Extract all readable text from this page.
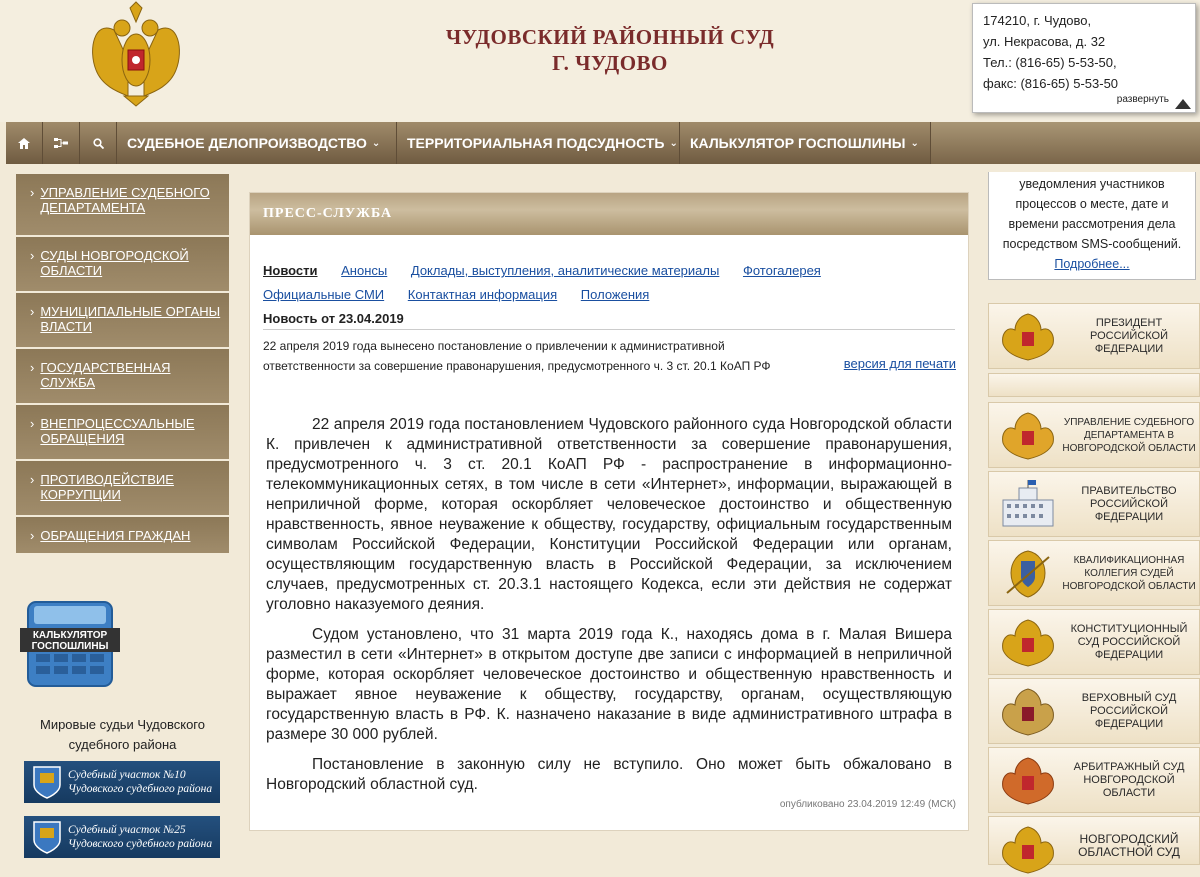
ЧУДОВСКИЙ РАЙОННЫЙ СУД
Г. ЧУДОВО
174210, г. Чудово,
ул. Некрасова, д. 32
Тел.: (816-65) 5-53-50,
факс: (816-65) 5-53-50
развернуть
СУДЕБНОЕ ДЕЛОПРОИЗВОДСТВО ⌄ ТЕРРИТОРИАЛЬНАЯ ПОДСУДНОСТЬ ⌄ КАЛЬКУЛЯТОР ГОСПОШЛИНЫ ⌄
› УПРАВЛЕНИЕ СУДЕБНОГО ДЕПАРТАМЕНТА
› СУДЫ НОВГОРОДСКОЙ ОБЛАСТИ
› МУНИЦИПАЛЬНЫЕ ОРГАНЫ ВЛАСТИ
› ГОСУДАРСТВЕННАЯ СЛУЖБА
› ВНЕПРОЦЕССУАЛЬНЫЕ ОБРАЩЕНИЯ
› ПРОТИВОДЕЙСТВИЕ КОРРУПЦИИ
› ОБРАЩЕНИЯ ГРАЖДАН
КАЛЬКУЛЯТОР
ГОСПОШЛИНЫ
Мировые судьи Чудовского
судебного района
Судебный участок №10
Чудовского судебного района
Судебный участок №25
Чудовского судебного района
ПРЕСС-СЛУЖБА
Новости Анонсы Доклады, выступления, аналитические материалы Фотогалерея
Официальные СМИ Контактная информация Положения
Новость от 23.04.2019
22 апреля 2019 года вынесено постановление о привлечении к административной ответственности за совершение правонарушения, предусмотренного ч. 3 ст. 20.1 КоАП РФ	версия для печати

22 апреля 2019 года постановлением Чудовского районного суда Новгородской области К. привлечен к административной ответственности за совершение правонарушения, предусмотренного ч. 3 ст. 20.1 КоАП РФ - распространение в информационно-телекоммуникационных сетях, в том числе в сети «Интернет», информации, выражающей в неприличной форме, которая оскорбляет человеческое достоинство и общественную нравственность, явное неуважение к обществу, государству, официальным государственным символам Российской Федерации, Конституции Российской Федерации или органам, осуществляющим государственную власть в Российской Федерации, за исключением случаев, предусмотренных ст. 20.3.1 настоящего Кодекса, если эти действия не содержат уголовно наказуемого деяния.

Судом установлено, что 31 марта 2019 года К., находясь дома в г. Малая Вишера разместил в сети «Интернет» в открытом доступе две записи с информацией в неприличной форме, которая оскорбляет человеческое достоинство и общественную нравственность и выражает явное неуважение к обществу, государству, органам, осуществляющую государственную власть в РФ. К. назначено наказание в виде административного штрафа в размере 30 000 рублей.

Постановление в законную силу не вступило. Оно может быть обжаловано в Новгородский областной суд.

опубликовано 23.04.2019 12:49 (МСК)
уведомления участников процессов о месте, дате и времени рассмотрения дела посредством SMS-сообщений.
Подробнее...
ПРЕЗИДЕНТ РОССИЙСКОЙ ФЕДЕРАЦИИ
УПРАВЛЕНИЕ СУДЕБНОГО ДЕПАРТАМЕНТА В НОВГОРОДСКОЙ ОБЛАСТИ
ПРАВИТЕЛЬСТВО РОССИЙСКОЙ ФЕДЕРАЦИИ
КВАЛИФИКАЦИОННАЯ КОЛЛЕГИЯ СУДЕЙ НОВГОРОДСКОЙ ОБЛАСТИ
КОНСТИТУЦИОННЫЙ СУД РОССИЙСКОЙ ФЕДЕРАЦИИ
ВЕРХОВНЫЙ СУД РОССИЙСКОЙ ФЕДЕРАЦИИ
АРБИТРАЖНЫЙ СУД НОВГОРОДСКОЙ ОБЛАСТИ
НОВГОРОДСКИЙ ОБЛАСТНОЙ СУД
